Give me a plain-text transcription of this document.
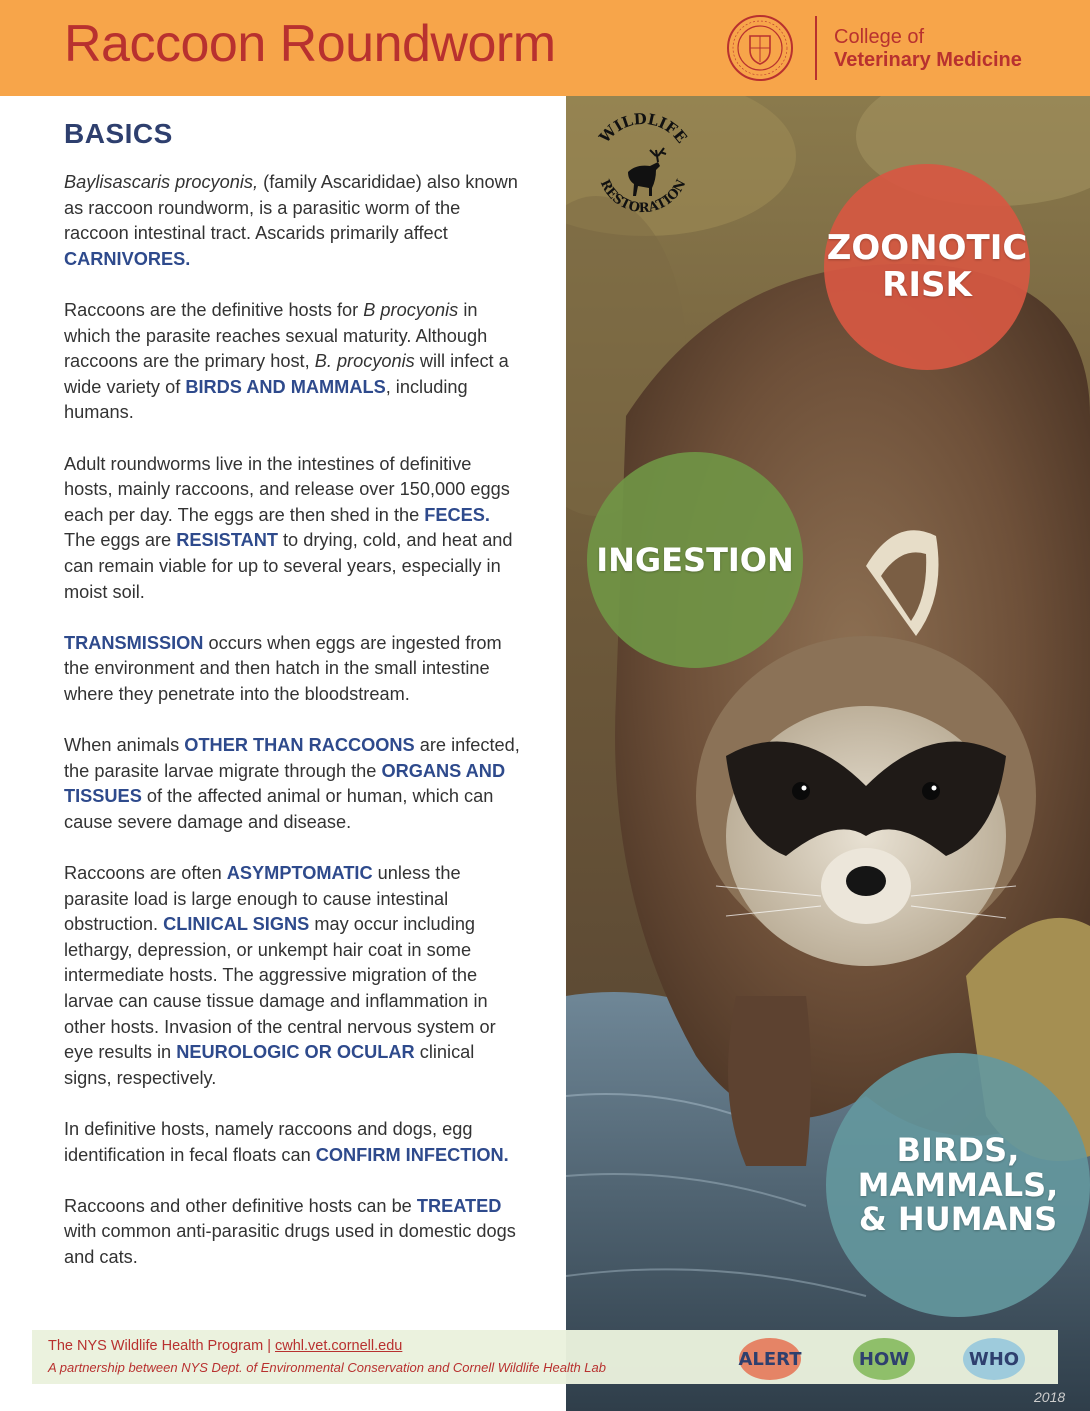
Raccoon Roundworm	College of
Veterinary Medicine
BASICS

Baylisascaris procyonis, (family Ascarididae) also known as raccoon roundworm, is a parasitic worm of the raccoon intestinal tract. Ascarids primarily affect CARNIVORES.

Raccoons are the definitive hosts for B procyonis in which the parasite reaches sexual maturity. Although raccoons are the primary host, B. procyonis will infect a wide variety of BIRDS AND MAMMALS, including humans.

Adult roundworms live in the intestines of definitive hosts, mainly raccoons, and release over 150,000 eggs each per day. The eggs are then shed in the FECES. The eggs are RESISTANT to drying, cold, and heat and can remain viable for up to several years, especially in moist soil.

TRANSMISSION occurs when eggs are ingested from the environment and then hatch in the small intestine where they penetrate into the bloodstream.

When animals OTHER THAN RACCOONS are infected, the parasite larvae migrate through the ORGANS AND TISSUES of the affected animal or human, which can cause severe damage and disease.

Raccoons are often ASYMPTOMATIC unless the parasite load is large enough to cause intestinal obstruction. CLINICAL SIGNS may occur including lethargy, depression, or unkempt hair coat in some intermediate hosts. The aggressive migration of the larvae can cause tissue damage and inflammation in other hosts. Invasion of the central nervous system or eye results in NEUROLOGIC OR OCULAR clinical signs, respectively.

In definitive hosts, namely raccoons and dogs, egg identification in fecal floats can CONFIRM INFECTION.

Raccoons and other definitive hosts can be TREATED with common anti-parasitic drugs used in domestic dogs and cats.

WILDLIFE
RESTORATION
ZOONOTIC
RISK
INGESTION
BIRDS,
MAMMALS,
& HUMANS
The NYS Wildlife Health Program | cwhl.vet.cornell.edu
A partnership between NYS Dept. of Environmental Conservation and Cornell Wildlife Health Lab	ALERT	HOW	WHO
2018
